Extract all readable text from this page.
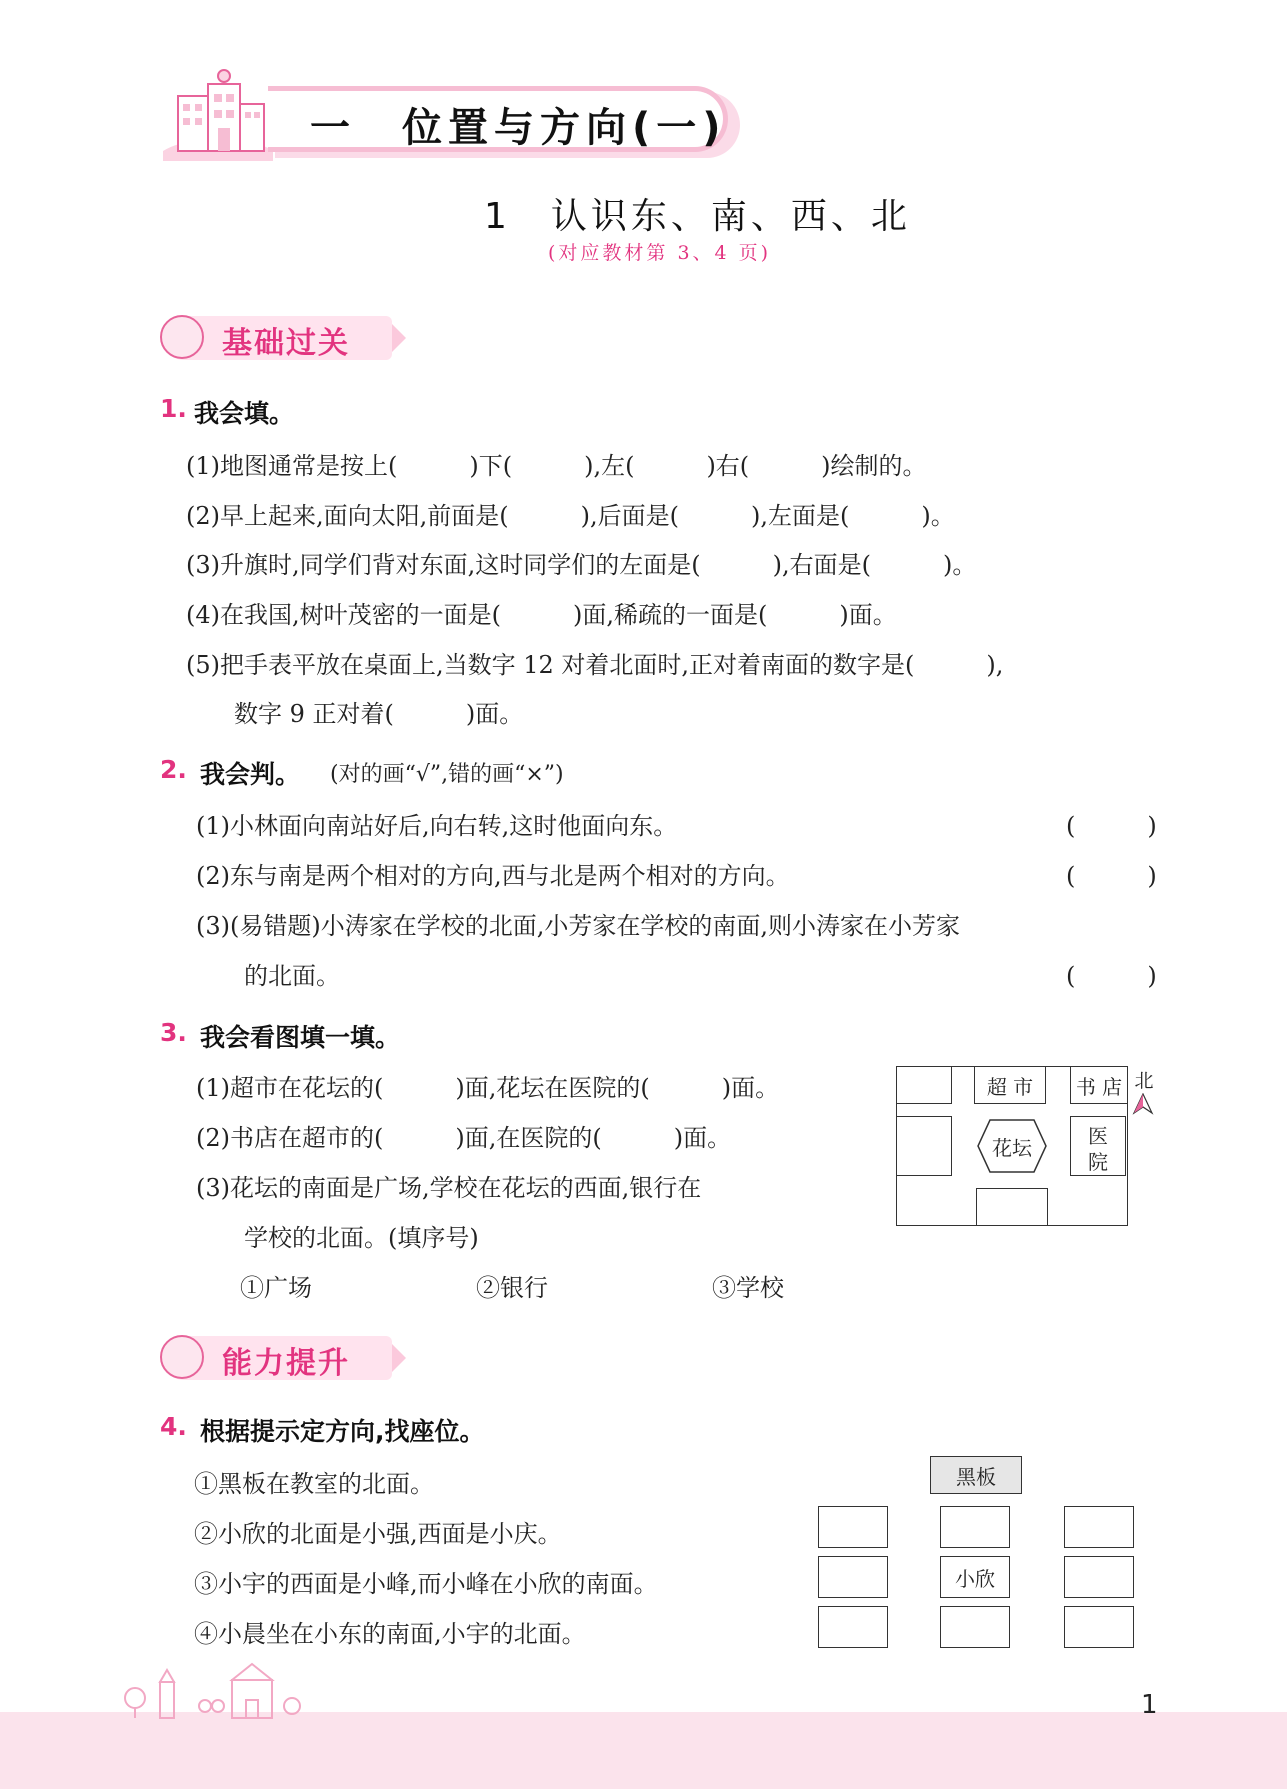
一　位置与方向(一)
1　认识东、南、西、北
(对应教材第 3、4 页)
基础过关
1. 我会填。
(1)地图通常是按上(　　　)下(　　　),左(　　　)右(　　　)绘制的。
(2)早上起来,面向太阳,前面是(　　　),后面是(　　　),左面是(　　　)。
(3)升旗时,同学们背对东面,这时同学们的左面是(　　　),右面是(　　　)。
(4)在我国,树叶茂密的一面是(　　　)面,稀疏的一面是(　　　)面。
(5)把手表平放在桌面上,当数字 12 对着北面时,正对着南面的数字是(　　　),
数字 9 正对着(　　　)面。
2. 我会判。 (对的画“√”,错的画“×”)
(1)小林面向南站好后,向右转,这时他面向东。	(　　　)
(2)东与南是两个相对的方向,西与北是两个相对的方向。	(　　　)
(3)(易错题)小涛家在学校的北面,小芳家在学校的南面,则小涛家在小芳家
的北面。	(　　　)
3. 我会看图填一填。
(1)超市在花坛的(　　　)面,花坛在医院的(　　　)面。
(2)书店在超市的(　　　)面,在医院的(　　　)面。
(3)花坛的南面是广场,学校在花坛的西面,银行在
学校的北面。(填序号)
①广场	②银行	③学校
超 市	书 店
花坛	医
院
北
能力提升
4. 根据提示定方向,找座位。
①黑板在教室的北面。
②小欣的北面是小强,西面是小庆。
③小宇的西面是小峰,而小峰在小欣的南面。
④小晨坐在小东的南面,小宇的北面。
黑板
小欣
1
